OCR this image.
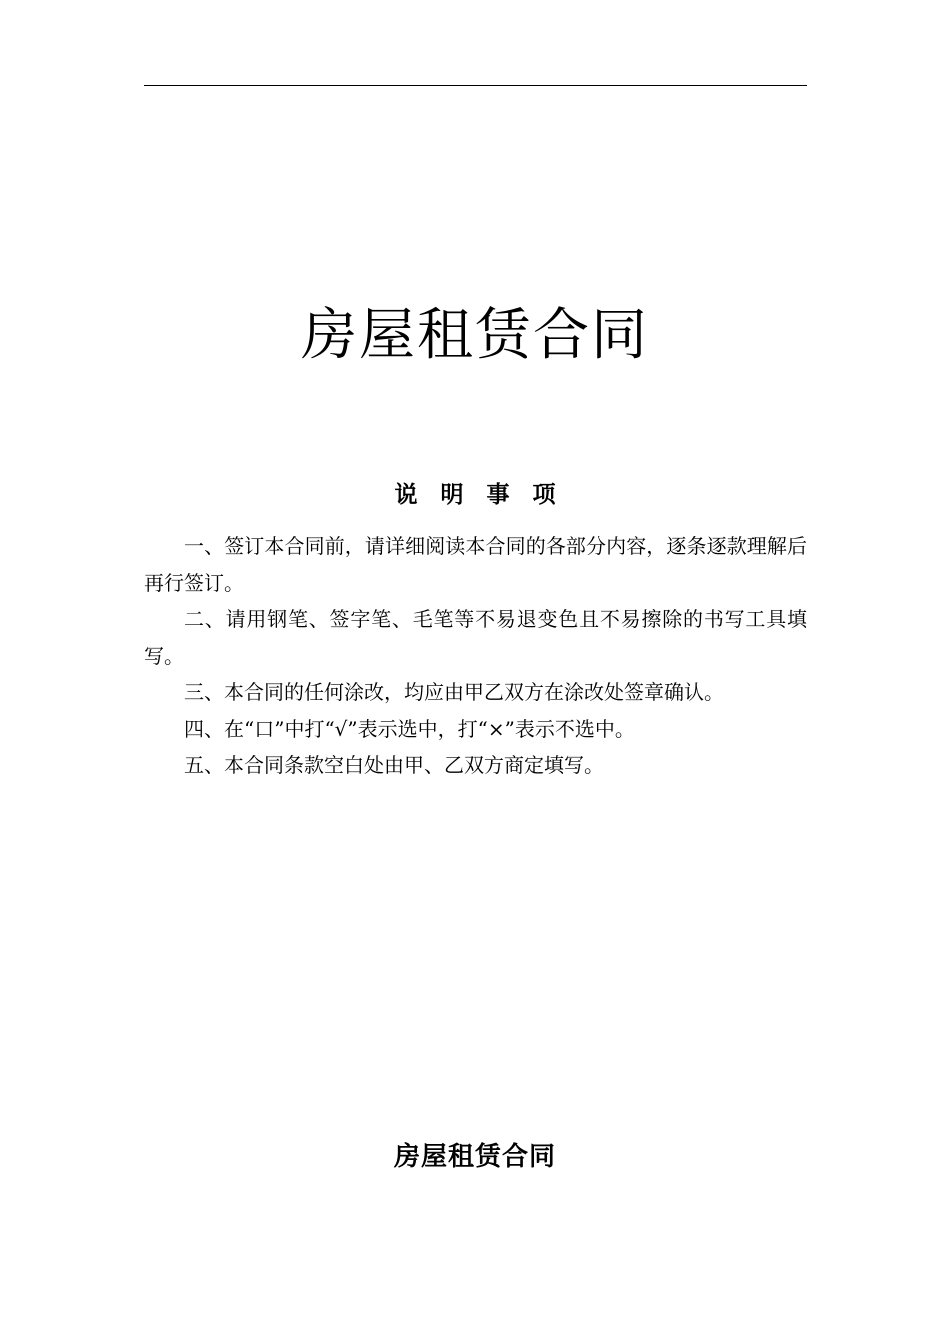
房屋租赁合同
说明事项

一、签订本合同前，请详细阅读本合同的各部分内容，逐条逐款理解后再行签订。

二、请用钢笔、签字笔、毛笔等不易退变色且不易擦除的书写工具填写。

三、本合同的任何涂改，均应由甲乙双方在涂改处签章确认。

四、在“口”中打“√”表示选中，打“×”表示不选中。

五、本合同条款空白处由甲、乙双方商定填写。

房屋租赁合同
